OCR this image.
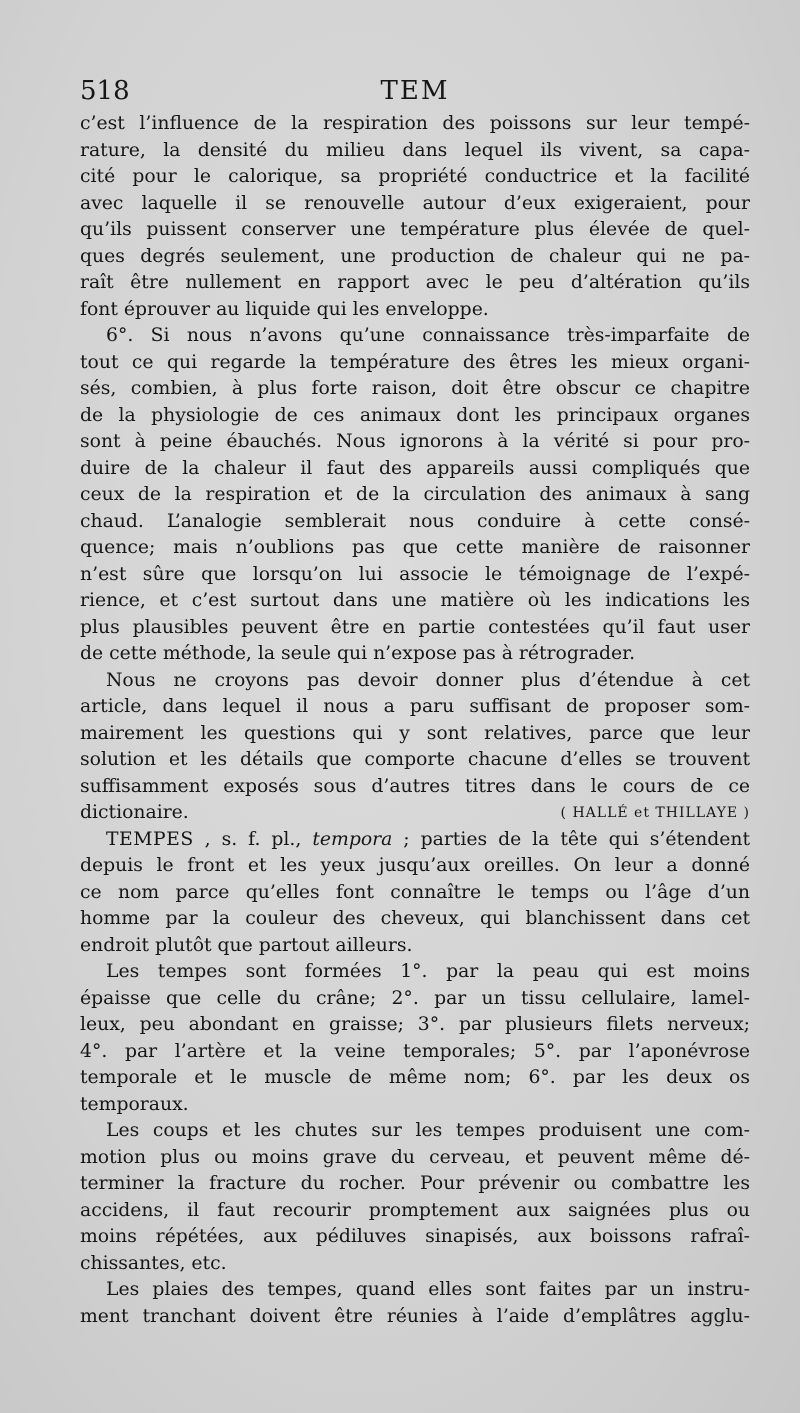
518	TEM
c’est l’influence de la respiration des poissons sur leur tempé-
rature, la densité du milieu dans lequel ils vivent, sa capa-
cité pour le calorique, sa propriété conductrice et la facilité
avec laquelle il se renouvelle autour d’eux exigeraient, pour
qu’ils puissent conserver une température plus élevée de quel-
ques degrés seulement, une production de chaleur qui ne pa-
raît être nullement en rapport avec le peu d’altération qu’ils
font éprouver au liquide qui les enveloppe.
6°. Si nous n’avons qu’une connaissance très-imparfaite de
tout ce qui regarde la température des êtres les mieux organi-
sés, combien, à plus forte raison, doit être obscur ce chapitre
de la physiologie de ces animaux dont les principaux organes
sont à peine ébauchés. Nous ignorons à la vérité si pour pro-
duire de la chaleur il faut des appareils aussi compliqués que
ceux de la respiration et de la circulation des animaux à sang
chaud. L’analogie semblerait nous conduire à cette consé-
quence; mais n’oublions pas que cette manière de raisonner
n’est sûre que lorsqu’on lui associe le témoignage de l’expé-
rience, et c’est surtout dans une matière où les indications les
plus plausibles peuvent être en partie contestées qu’il faut user
de cette méthode, la seule qui n’expose pas à rétrograder.
Nous ne croyons pas devoir donner plus d’étendue à cet
article, dans lequel il nous a paru suffisant de proposer som-
mairement les questions qui y sont relatives, parce que leur
solution et les détails que comporte chacune d’elles se trouvent
suffisamment exposés sous d’autres titres dans le cours de ce
dictionaire.	( HALLÉ et THILLAYE )
TEMPES , s. f. pl., tempora ; parties de la tête qui s’étendent
depuis le front et les yeux jusqu’aux oreilles. On leur a donné
ce nom parce qu’elles font connaître le temps ou l’âge d’un
homme par la couleur des cheveux, qui blanchissent dans cet
endroit plutôt que partout ailleurs.
Les tempes sont formées 1°. par la peau qui est moins
épaisse que celle du crâne; 2°. par un tissu cellulaire, lamel-
leux, peu abondant en graisse; 3°. par plusieurs filets nerveux;
4°. par l’artère et la veine temporales; 5°. par l’aponévrose
temporale et le muscle de même nom; 6°. par les deux os
temporaux.
Les coups et les chutes sur les tempes produisent une com-
motion plus ou moins grave du cerveau, et peuvent même dé-
terminer la fracture du rocher. Pour prévenir ou combattre les
accidens, il faut recourir promptement aux saignées plus ou
moins répétées, aux pédiluves sinapisés, aux boissons rafraî-
chissantes, etc.
Les plaies des tempes, quand elles sont faites par un instru-
ment tranchant doivent être réunies à l’aide d’emplâtres agglu-
